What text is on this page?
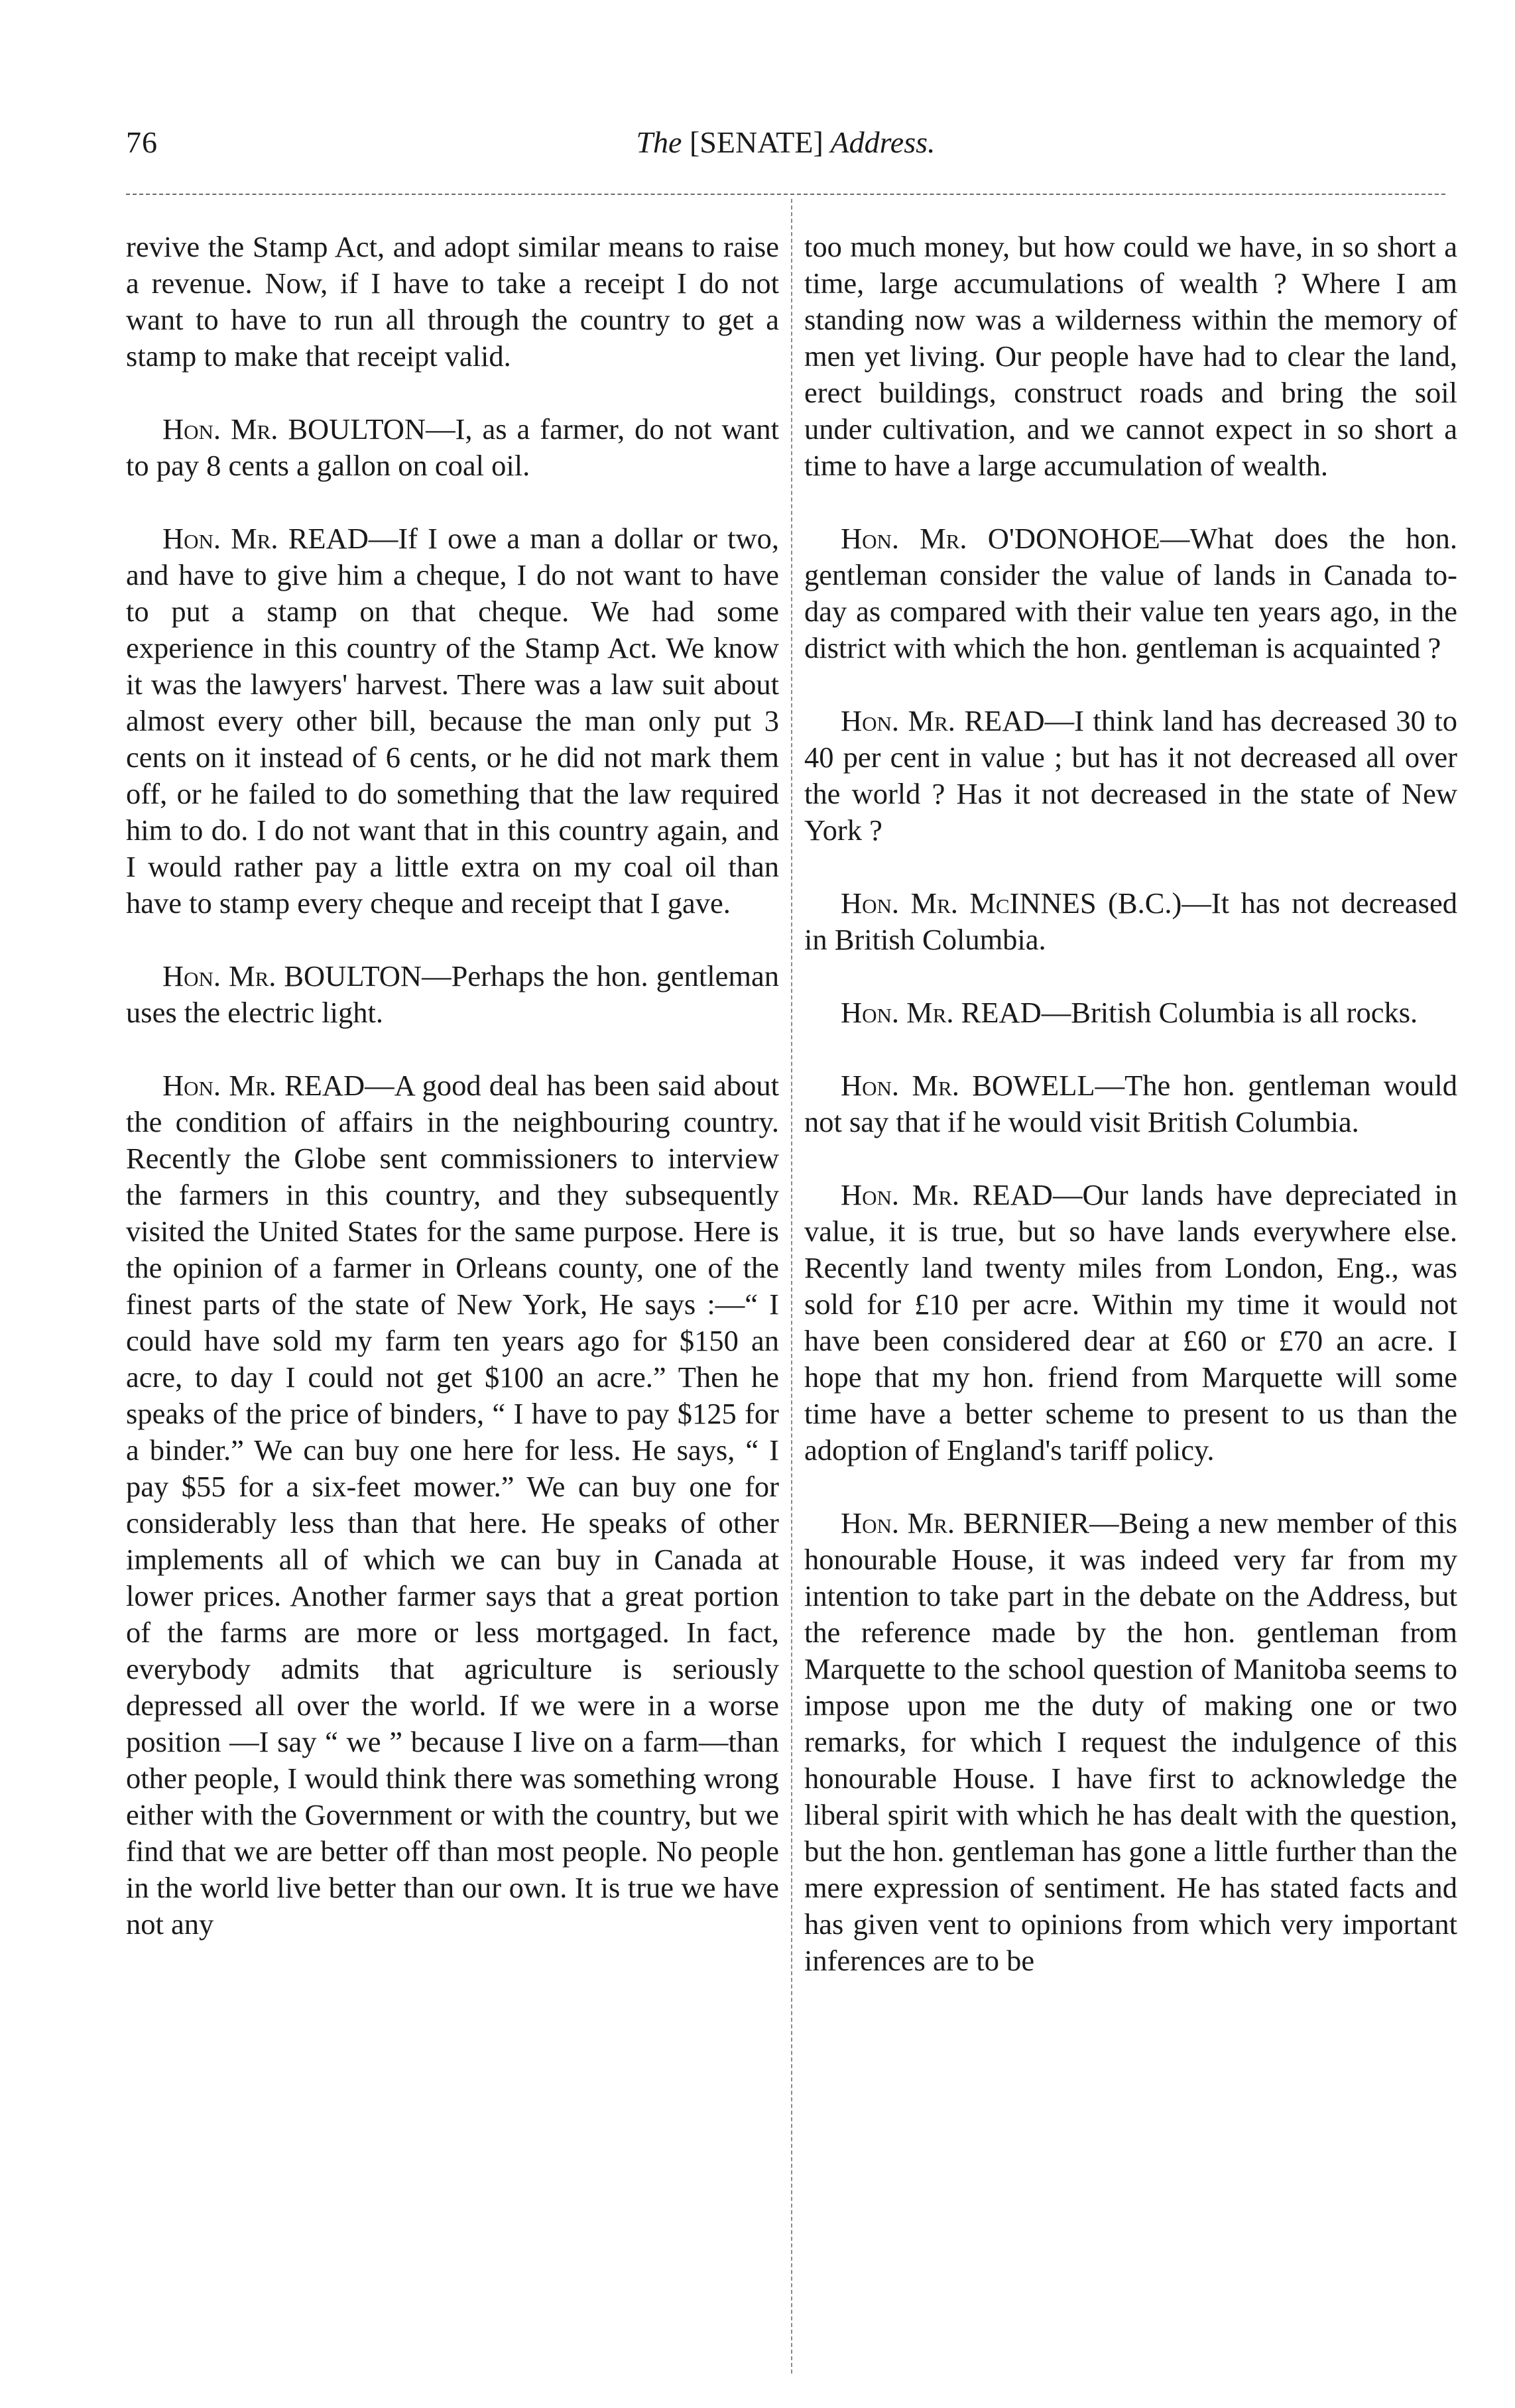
76	The [SENATE] Address.

revive the Stamp Act, and adopt similar means to raise a revenue. Now, if I have to take a receipt I do not want to have to run all through the country to get a stamp to make that receipt valid.

Hon. Mr. BOULTON—I, as a farmer, do not want to pay 8 cents a gallon on coal oil.

Hon. Mr. READ—If I owe a man a dollar or two, and have to give him a cheque, I do not want to have to put a stamp on that cheque. We had some experience in this country of the Stamp Act. We know it was the lawyers' harvest. There was a law suit about almost every other bill, because the man only put 3 cents on it instead of 6 cents, or he did not mark them off, or he failed to do something that the law required him to do. I do not want that in this country again, and I would rather pay a little extra on my coal oil than have to stamp every cheque and receipt that I gave.

Hon. Mr. BOULTON—Perhaps the hon. gentleman uses the electric light.

Hon. Mr. READ—A good deal has been said about the condition of affairs in the neighbouring country. Recently the Globe sent commissioners to interview the farmers in this country, and they subsequently visited the United States for the same purpose. Here is the opinion of a farmer in Orleans county, one of the finest parts of the state of New York, He says :—“ I could have sold my farm ten years ago for $150 an acre, to day I could not get $100 an acre.” Then he speaks of the price of binders, “ I have to pay $125 for a binder.” We can buy one here for less. He says, “ I pay $55 for a six-feet mower.” We can buy one for considerably less than that here. He speaks of other implements all of which we can buy in Canada at lower prices. Another farmer says that a great portion of the farms are more or less mortgaged. In fact, everybody admits that agriculture is seriously depressed all over the world. If we were in a worse position —I say “ we ” because I live on a farm—than other people, I would think there was something wrong either with the Government or with the country, but we find that we are better off than most people. No people in the world live better than our own. It is true we have not any

too much money, but how could we have, in so short a time, large accumulations of wealth ? Where I am standing now was a wilderness within the memory of men yet living. Our people have had to clear the land, erect buildings, construct roads and bring the soil under cultivation, and we cannot expect in so short a time to have a large accumulation of wealth.

Hon. Mr. O'DONOHOE—What does the hon. gentleman consider the value of lands in Canada to-day as compared with their value ten years ago, in the district with which the hon. gentleman is acquainted ?

Hon. Mr. READ—I think land has decreased 30 to 40 per cent in value ; but has it not decreased all over the world ? Has it not decreased in the state of New York ?

Hon. Mr. McINNES (B.C.)—It has not decreased in British Columbia.

Hon. Mr. READ—British Columbia is all rocks.

Hon. Mr. BOWELL—The hon. gentleman would not say that if he would visit British Columbia.

Hon. Mr. READ—Our lands have depreciated in value, it is true, but so have lands everywhere else. Recently land twenty miles from London, Eng., was sold for £10 per acre. Within my time it would not have been considered dear at £60 or £70 an acre. I hope that my hon. friend from Marquette will some time have a better scheme to present to us than the adoption of England's tariff policy.

Hon. Mr. BERNIER—Being a new member of this honourable House, it was indeed very far from my intention to take part in the debate on the Address, but the reference made by the hon. gentleman from Marquette to the school question of Manitoba seems to impose upon me the duty of making one or two remarks, for which I request the indulgence of this honourable House. I have first to acknowledge the liberal spirit with which he has dealt with the question, but the hon. gentleman has gone a little further than the mere expression of sentiment. He has stated facts and has given vent to opinions from which very important inferences are to be
